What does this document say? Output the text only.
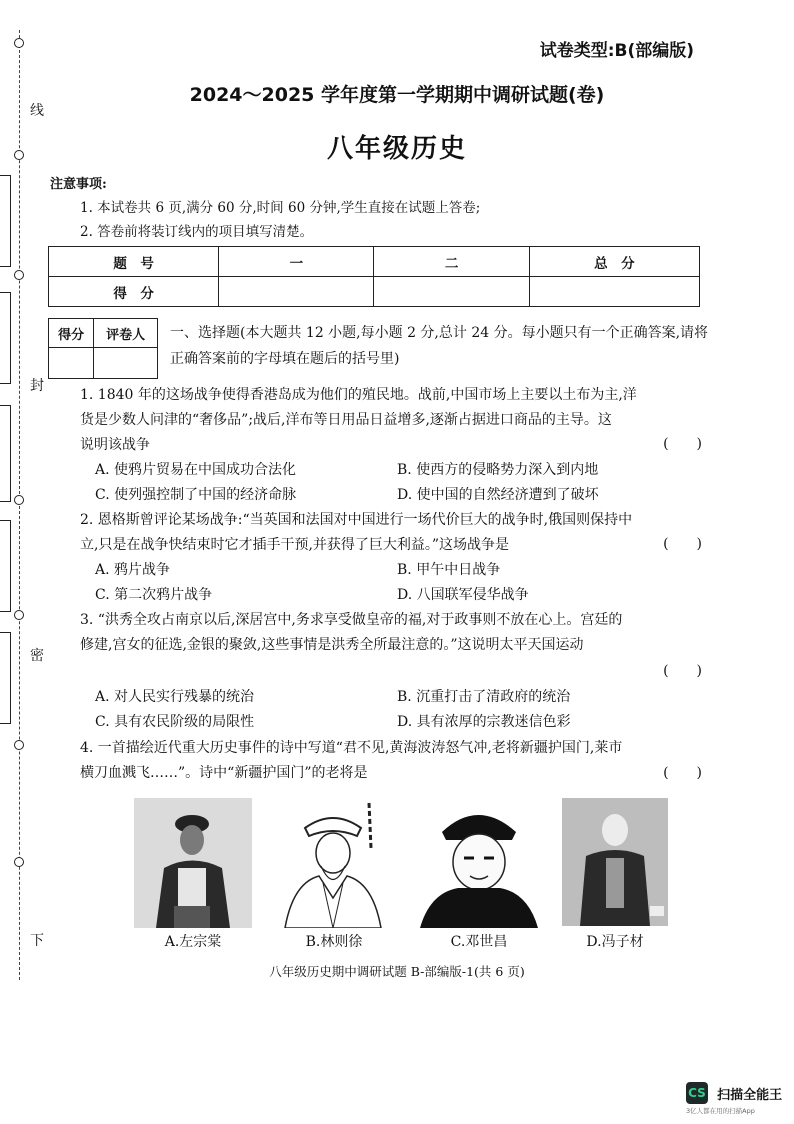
线
封
密
下
试卷类型:B(部编版)
2024～2025 学年度第一学期期中调研试题(卷)
八年级历史
注意事项:
1. 本试卷共 6 页,满分 60 分,时间 60 分钟,学生直接在试题上答卷;
2. 答卷前将装订线内的项目填写清楚。
题　号	一	二	总　分
得　分			
得分	评卷人
	一、选择题(本大题共 12 小题,每小题 2 分,总计 24 分。每小题只有一个正确答案,请将正确答案前的字母填在题后的括号里)
1. 1840 年的这场战争使得香港岛成为他们的殖民地。战前,中国市场上主要以土布为主,洋
货是少数人问津的“奢侈品”;战后,洋布等日用品日益增多,逐渐占据进口商品的主导。这
说明该战争	(　　)
A. 使鸦片贸易在中国成功合法化	B. 使西方的侵略势力深入到内地
C. 使列强控制了中国的经济命脉	D. 使中国的自然经济遭到了破坏
2. 恩格斯曾评论某场战争:“当英国和法国对中国进行一场代价巨大的战争时,俄国则保持中
立,只是在战争快结束时它才插手干预,并获得了巨大利益。”这场战争是	(　　)
A. 鸦片战争	B. 甲午中日战争
C. 第二次鸦片战争	D. 八国联军侵华战争
3. “洪秀全攻占南京以后,深居宫中,务求享受做皇帝的福,对于政事则不放在心上。宫廷的
修建,宫女的征选,金银的聚敛,这些事情是洪秀全所最注意的。”这说明太平天国运动
(　　)
A. 对人民实行残暴的统治	B. 沉重打击了清政府的统治
C. 具有农民阶级的局限性	D. 具有浓厚的宗教迷信色彩
4. 一首描绘近代重大历史事件的诗中写道“君不见,黄海波涛怒气冲,老将新疆护国门,莱市
横刀血溅飞……”。诗中“新疆护国门”的老将是	(　　)
A.左宗棠	B.林则徐	C.邓世昌	D.冯子材
八年级历史期中调研试题 B-部编版-1(共 6 页)
CS 扫描全能王
3亿人都在用的扫描App
